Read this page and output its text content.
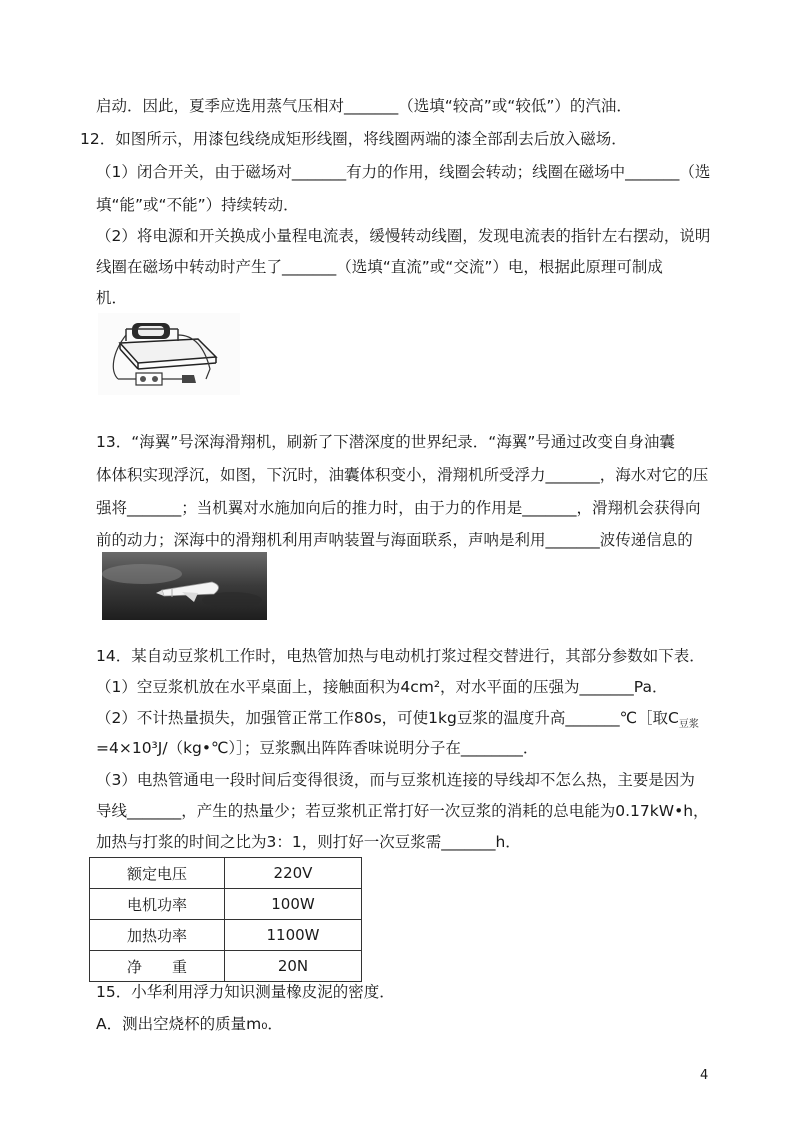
启动．因此，夏季应选用蒸气压相对_______（选填“较高”或“较低”）的汽油．
12．如图所示，用漆包线绕成矩形线圈，将线圈两端的漆全部刮去后放入磁场．
（1）闭合开关，由于磁场对_______有力的作用，线圈会转动；线圈在磁场中_______（选
填“能”或“不能”）持续转动．
（2）将电源和开关换成小量程电流表，缓慢转动线圈，发现电流表的指针左右摆动，说明
线圈在磁场中转动时产生了_______（选填“直流”或“交流”）电，根据此原理可制成
机．
13．“海翼”号深海滑翔机，刷新了下潜深度的世界纪录．“海翼”号通过改变自身油囊
体体积实现浮沉，如图，下沉时，油囊体积变小，滑翔机所受浮力_______，海水对它的压
强将_______；当机翼对水施加向后的推力时，由于力的作用是_______，滑翔机会获得向
前的动力；深海中的滑翔机利用声呐装置与海面联系，声呐是利用_______波传递信息的
14．某自动豆浆机工作时，电热管加热与电动机打浆过程交替进行，其部分参数如下表．
（1）空豆浆机放在水平桌面上，接触面积为4cm²，对水平面的压强为_______Pa．
（2）不计热量损失，加强管正常工作80s，可使1kg豆浆的温度升高_______℃［取$C_{豆浆}$
=4×10³J/（kg•℃）］；豆浆飘出阵阵香味说明分子在________．
（3）电热管通电一段时间后变得很烫，而与豆浆机连接的导线却不怎么热，主要是因为
导线_______，产生的热量少；若豆浆机正常打好一次豆浆的消耗的总电能为0.17kW•h，
加热与打浆的时间之比为3：1，则打好一次豆浆需_______h．
额定电压	220V
电机功率	100W
加热功率	1100W
净　　重	20N
15．小华利用浮力知识测量橡皮泥的密度．
A．测出空烧杯的质量m₀．
4
